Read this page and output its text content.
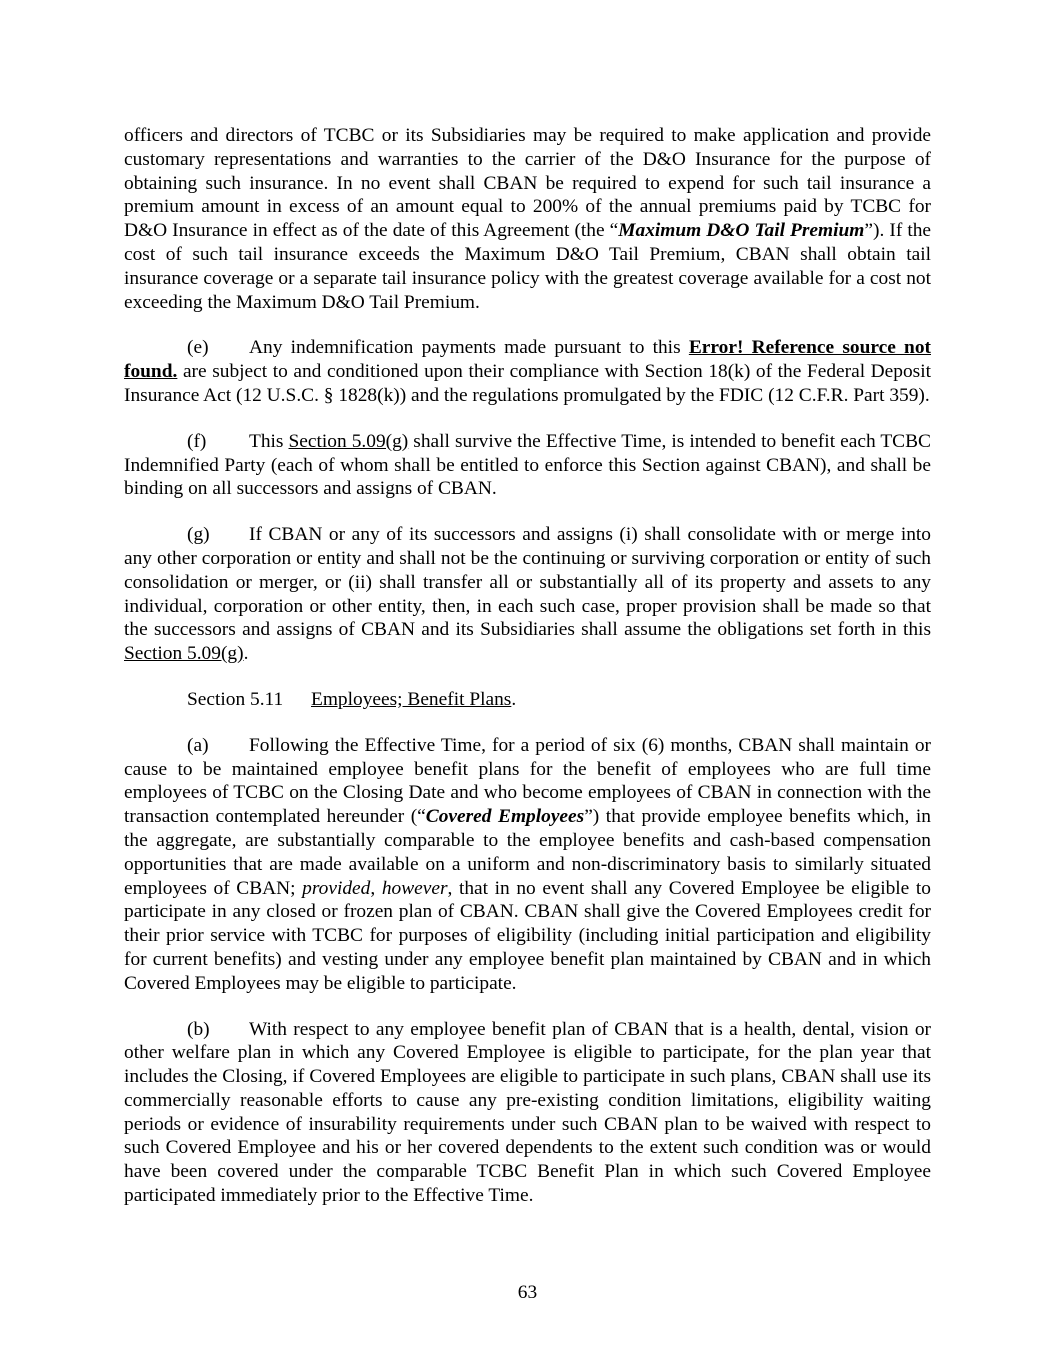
officers and directors of TCBC or its Subsidiaries may be required to make application and provide customary representations and warranties to the carrier of the D&O Insurance for the purpose of obtaining such insurance. In no event shall CBAN be required to expend for such tail insurance a premium amount in excess of an amount equal to 200% of the annual premiums paid by TCBC for D&O Insurance in effect as of the date of this Agreement (the “Maximum D&O Tail Premium”). If the cost of such tail insurance exceeds the Maximum D&O Tail Premium, CBAN shall obtain tail insurance coverage or a separate tail insurance policy with the greatest coverage available for a cost not exceeding the Maximum D&O Tail Premium.

(e) Any indemnification payments made pursuant to this Error! Reference source not found. are subject to and conditioned upon their compliance with Section 18(k) of the Federal Deposit Insurance Act (12 U.S.C. § 1828(k)) and the regulations promulgated by the FDIC (12 C.F.R. Part 359).

(f) This Section 5.09(g) shall survive the Effective Time, is intended to benefit each TCBC Indemnified Party (each of whom shall be entitled to enforce this Section against CBAN), and shall be binding on all successors and assigns of CBAN.

(g) If CBAN or any of its successors and assigns (i) shall consolidate with or merge into any other corporation or entity and shall not be the continuing or surviving corporation or entity of such consolidation or merger, or (ii) shall transfer all or substantially all of its property and assets to any individual, corporation or other entity, then, in each such case, proper provision shall be made so that the successors and assigns of CBAN and its Subsidiaries shall assume the obligations set forth in this Section 5.09(g).

Section 5.11 Employees; Benefit Plans.

(a) Following the Effective Time, for a period of six (6) months, CBAN shall maintain or cause to be maintained employee benefit plans for the benefit of employees who are full time employees of TCBC on the Closing Date and who become employees of CBAN in connection with the transaction contemplated hereunder (“Covered Employees”) that provide employee benefits which, in the aggregate, are substantially comparable to the employee benefits and cash-based compensation opportunities that are made available on a uniform and non-discriminatory basis to similarly situated employees of CBAN; provided, however, that in no event shall any Covered Employee be eligible to participate in any closed or frozen plan of CBAN. CBAN shall give the Covered Employees credit for their prior service with TCBC for purposes of eligibility (including initial participation and eligibility for current benefits) and vesting under any employee benefit plan maintained by CBAN and in which Covered Employees may be eligible to participate.

(b) With respect to any employee benefit plan of CBAN that is a health, dental, vision or other welfare plan in which any Covered Employee is eligible to participate, for the plan year that includes the Closing, if Covered Employees are eligible to participate in such plans, CBAN shall use its commercially reasonable efforts to cause any pre-existing condition limitations, eligibility waiting periods or evidence of insurability requirements under such CBAN plan to be waived with respect to such Covered Employee and his or her covered dependents to the extent such condition was or would have been covered under the comparable TCBC Benefit Plan in which such Covered Employee participated immediately prior to the Effective Time.

63
